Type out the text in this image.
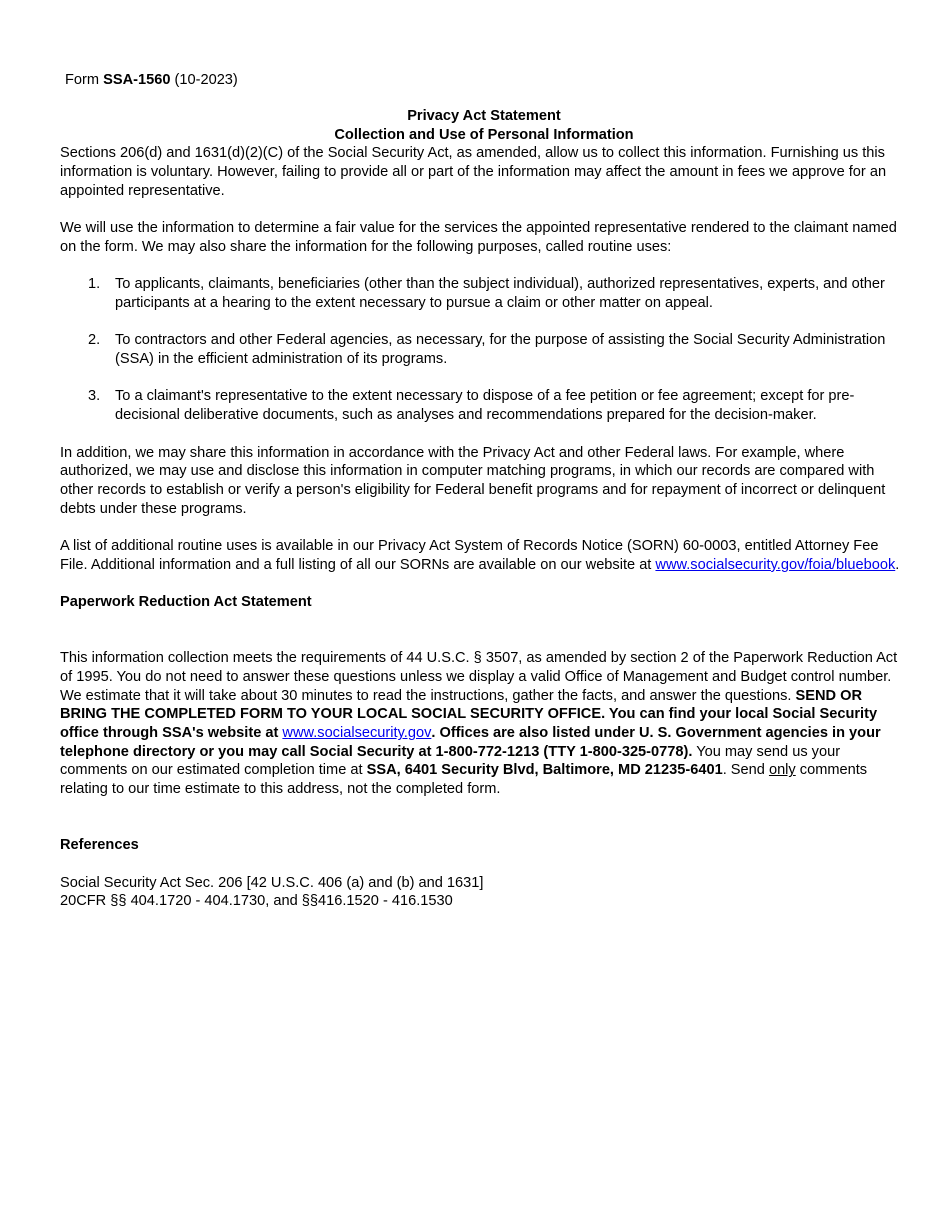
Form SSA-1560 (10-2023)
Privacy Act Statement
Collection and Use of Personal Information

Sections 206(d) and 1631(d)(2)(C) of the Social Security Act, as amended, allow us to collect this information. Furnishing us this information is voluntary. However, failing to provide all or part of the information may affect the amount in fees we approve for an appointed representative.

We will use the information to determine a fair value for the services the appointed representative rendered to the claimant named on the form. We may also share the information for the following purposes, called routine uses:

1. To applicants, claimants, beneficiaries (other than the subject individual), authorized representatives, experts, and other participants at a hearing to the extent necessary to pursue a claim or other matter on appeal.
2. To contractors and other Federal agencies, as necessary, for the purpose of assisting the Social Security Administration (SSA) in the efficient administration of its programs.
3. To a claimant's representative to the extent necessary to dispose of a fee petition or fee agreement; except for pre-decisional deliberative documents, such as analyses and recommendations prepared for the decision-maker.

In addition, we may share this information in accordance with the Privacy Act and other Federal laws. For example, where authorized, we may use and disclose this information in computer matching programs, in which our records are compared with other records to establish or verify a person's eligibility for Federal benefit programs and for repayment of incorrect or delinquent debts under these programs.

A list of additional routine uses is available in our Privacy Act System of Records Notice (SORN) 60-0003, entitled Attorney Fee File. Additional information and a full listing of all our SORNs are available on our website at www.socialsecurity.gov/foia/bluebook.

Paperwork Reduction Act Statement

This information collection meets the requirements of 44 U.S.C. § 3507, as amended by section 2 of the Paperwork Reduction Act of 1995. You do not need to answer these questions unless we display a valid Office of Management and Budget control number. We estimate that it will take about 30 minutes to read the instructions, gather the facts, and answer the questions. SEND OR BRING THE COMPLETED FORM TO YOUR LOCAL SOCIAL SECURITY OFFICE. You can find your local Social Security office through SSA's website at www.socialsecurity.gov. Offices are also listed under U. S. Government agencies in your telephone directory or you may call Social Security at 1-800-772-1213 (TTY 1-800-325-0778). You may send us your comments on our estimated completion time at SSA, 6401 Security Blvd, Baltimore, MD 21235-6401. Send only comments relating to our time estimate to this address, not the completed form.

References

Social Security Act Sec. 206 [42 U.S.C. 406 (a) and (b) and 1631]

20CFR §§ 404.1720 - 404.1730, and §§416.1520 - 416.1530
